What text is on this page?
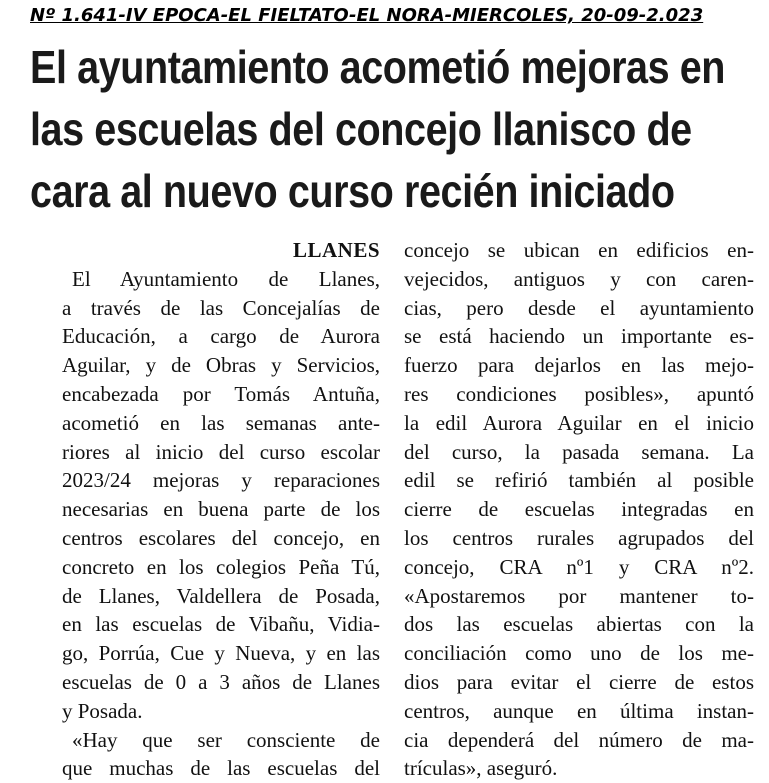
Nº 1.641-IV EPOCA-EL FIELTATO-EL NORA-MIERCOLES, 20-09-2.023
El ayuntamiento acometió mejoras en
las escuelas del concejo llanisco de
cara al nuevo curso recién iniciado
LLANES
El Ayuntamiento de Llanes,
a través de las Concejalías de
Educación, a cargo de Aurora
Aguilar, y de Obras y Servicios,
encabezada por Tomás Antuña,
acometió en las semanas ante-
riores al inicio del curso escolar
2023/24 mejoras y reparaciones
necesarias en buena parte de los
centros escolares del concejo, en
concreto en los colegios Peña Tú,
de Llanes, Valdellera de Posada,
en las escuelas de Vibañu, Vidia-
go, Porrúa, Cue y Nueva, y en las
escuelas de 0 a 3 años de Llanes
y Posada.
«Hay que ser consciente de
que muchas de las escuelas del
concejo se ubican en edificios en-
vejecidos, antiguos y con caren-
cias, pero desde el ayuntamiento
se está haciendo un importante es-
fuerzo para dejarlos en las mejo-
res condiciones posibles», apuntó
la edil Aurora Aguilar en el inicio
del curso, la pasada semana. La
edil se refirió también al posible
cierre de escuelas integradas en
los centros rurales agrupados del
concejo, CRA nº1 y CRA nº2.
«Apostaremos por mantener to-
dos las escuelas abiertas con la
conciliación como uno de los me-
dios para evitar el cierre de estos
centros, aunque en última instan-
cia dependerá del número de ma-
trículas», aseguró.
